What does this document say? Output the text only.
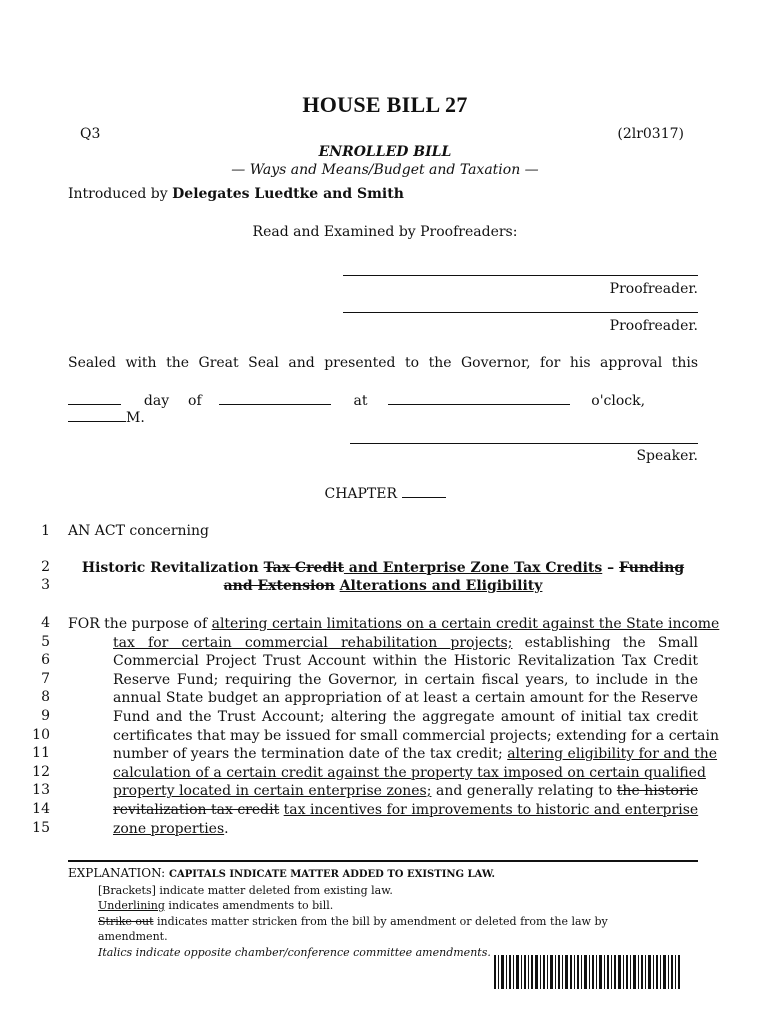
HOUSE BILL 27
Q3	(2lr0317)
ENROLLED BILL
— Ways and Means/Budget and Taxation —
Introduced by Delegates Luedtke and Smith
Read and Examined by Proofreaders:
Proofreader.
Proofreader.
Sealed with the Great Seal and presented to the Governor, for his approval this
day of	at	o'clock,  M.
Speaker.
CHAPTER
1
2
3
4
5
6
7
8
9
10
11
12
13
14
15
AN ACT concerning
Historic Revitalization Tax Credit and Enterprise Zone Tax Credits – Funding and Extension Alterations and Eligibility
FOR the purpose of altering certain limitations on a certain credit against the State income
tax for certain commercial rehabilitation projects; establishing the Small
Commercial Project Trust Account within the Historic Revitalization Tax Credit
Reserve Fund; requiring the Governor, in certain fiscal years, to include in the
annual State budget an appropriation of at least a certain amount for the Reserve
Fund and the Trust Account; altering the aggregate amount of initial tax credit
certificates that may be issued for small commercial projects; extending for a certain
number of years the termination date of the tax credit; altering eligibility for and the
calculation of a certain credit against the property tax imposed on certain qualified
property located in certain enterprise zones; and generally relating to the historic
revitalization tax credit tax incentives for improvements to historic and enterprise
zone properties.
EXPLANATION: CAPITALS INDICATE MATTER ADDED TO EXISTING LAW.
[Brackets] indicate matter deleted from existing law.
Underlining indicates amendments to bill.
Strike out indicates matter stricken from the bill by amendment or deleted from the law by
amendment.
Italics indicate opposite chamber/conference committee amendments.
